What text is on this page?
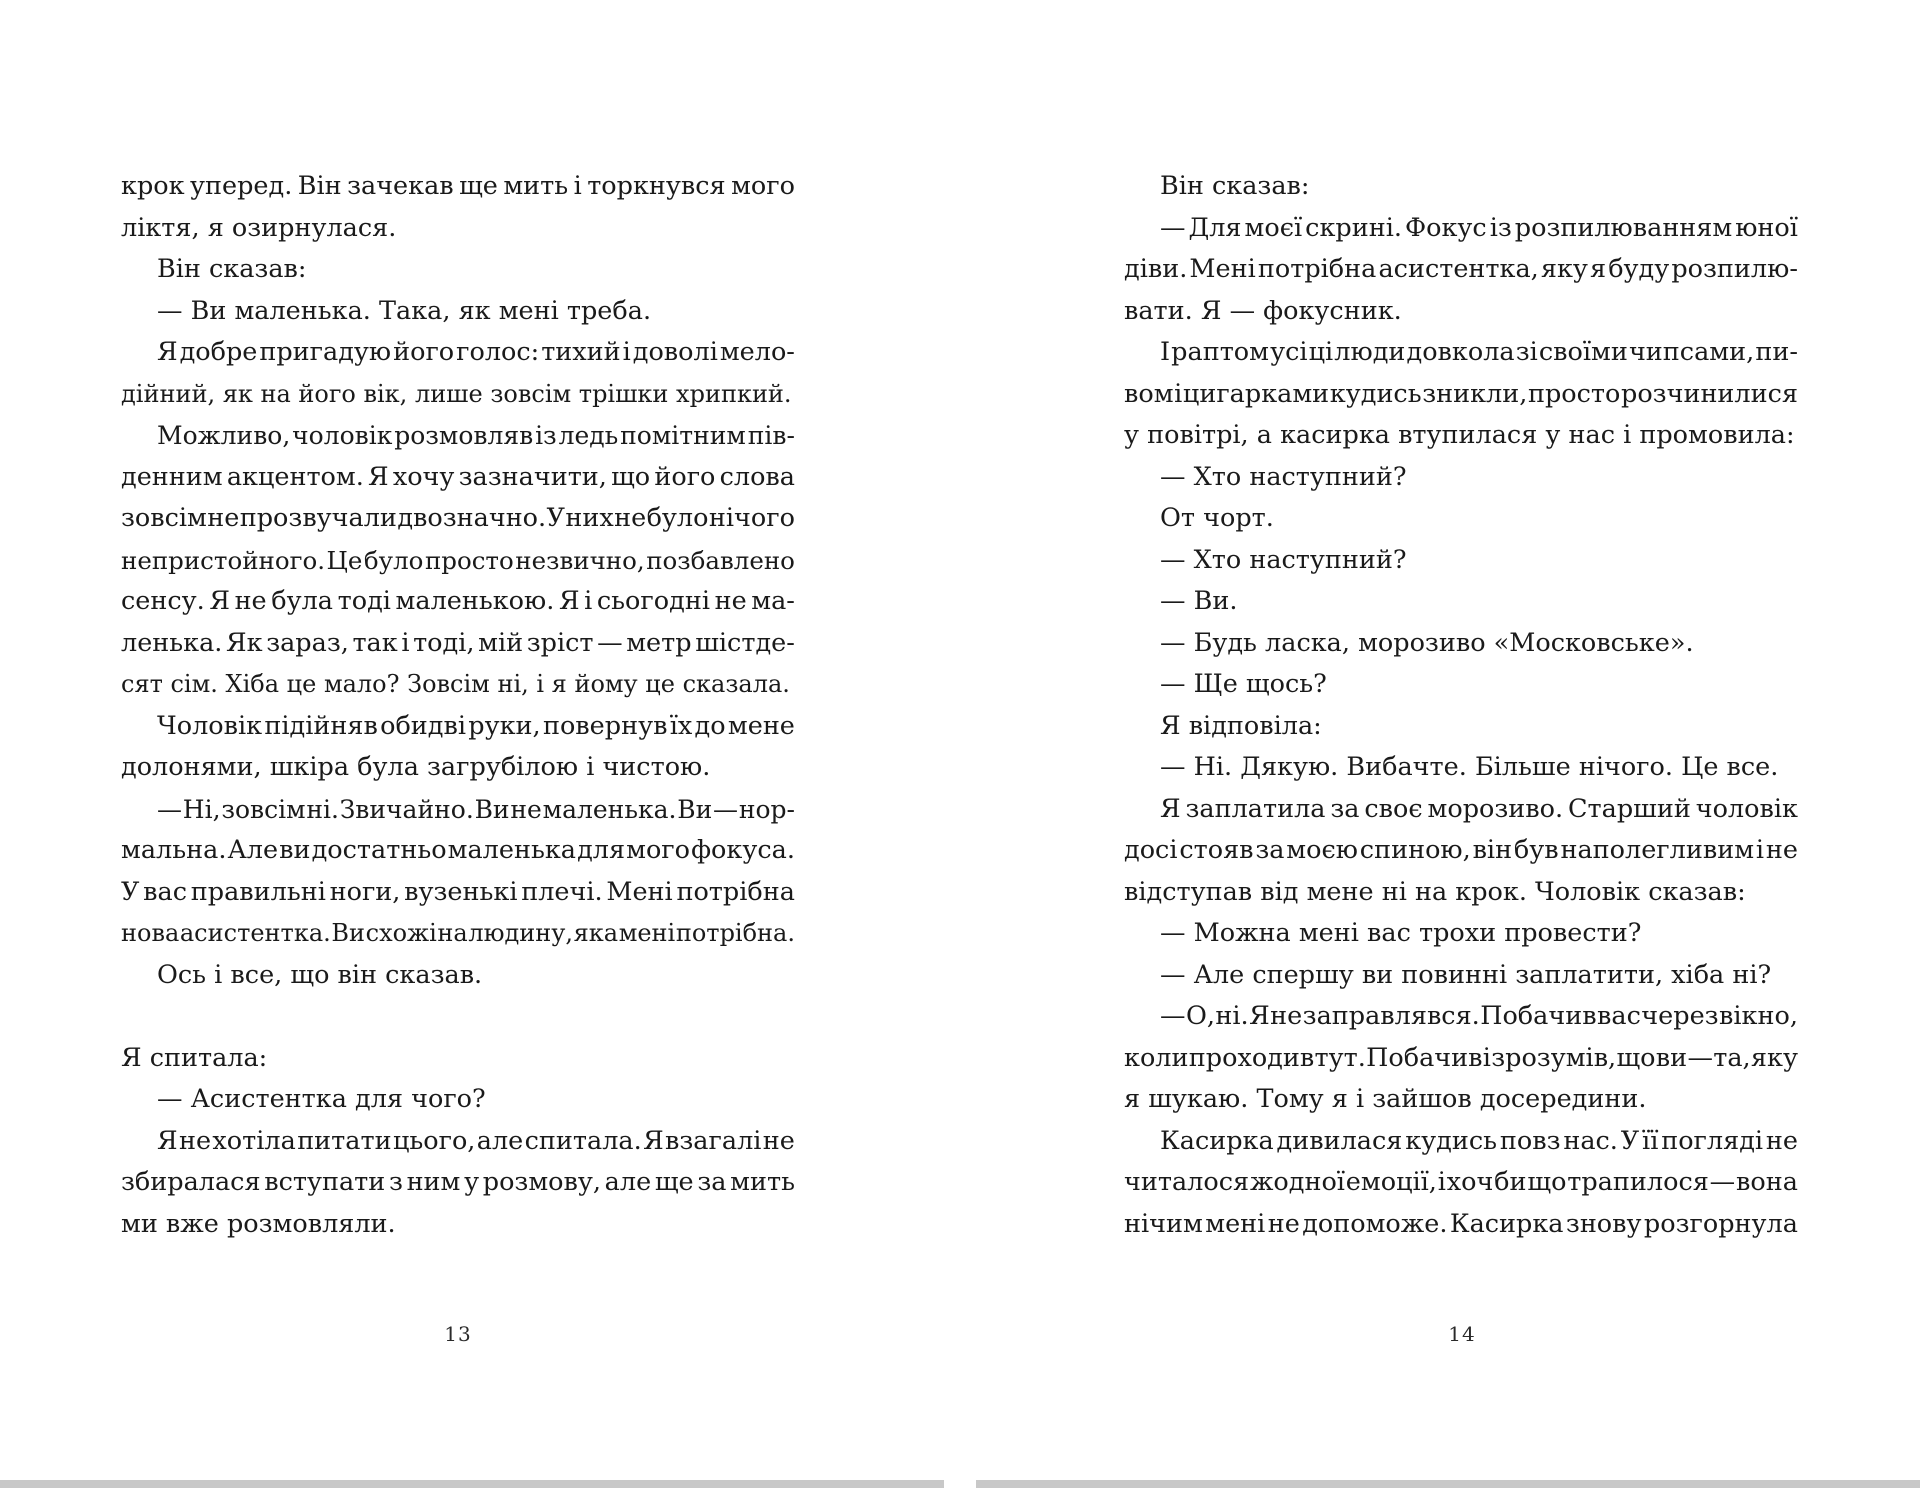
крок уперед. Він зачекав ще мить і торкнувся мого
ліктя, я озирнулася.
Він сказав:
— Ви маленька. Така, як мені треба.
Я добре пригадую його голос: тихий і доволі мело-
дійний, як на його вік, лише зовсім трішки хрипкий.
Можливо, чоловік розмовляв із ледь помітним пів-
денним акцентом. Я хочу зазначити, що його слова
зовсім не прозвучали двозначно. У них не було нічого
непристойного. Це було просто незвично, позбавлено
сенсу. Я не була тоді маленькою. Я і сьогодні не ма-
ленька. Як зараз, так і тоді, мій зріст — метр шістде-
сят сім. Хіба це мало? Зовсім ні, і я йому це сказала.
Чоловік підійняв обидві руки, повернув їх до мене
долонями, шкіра була загрубілою і чистою.
— Ні, зовсім ні. Звичайно. Ви не маленька. Ви — нор-
мальна. Але ви достатньо маленька для мого фокуса.
У вас правильні ноги, вузенькі плечі. Мені потрібна
нова асистентка. Ви схожі на людину, яка мені потрібна.
Ось і все, що він сказав.
Я спитала:
— Асистентка для чого?
Я не хотіла питати цього, але спитала. Я взагалі не
збиралася вступати з ним у розмову, але ще за мить
ми вже розмовляли.
13
Він сказав:
— Для моєї скрині. Фокус із розпилюванням юної
діви. Мені потрібна асистентка, яку я буду розпилю-
вати. Я — фокусник.
І раптом усі ці люди довкола зі своїми чипсами, пи-
вом і цигарками кудись зникли, просто розчинилися
у повітрі, а касирка втупилася у нас і промовила:
— Хто наступний?
От чорт.
— Хто наступний?
— Ви.
— Будь ласка, морозиво «Московське».
— Ще щось?
Я відповіла:
— Ні. Дякую. Вибачте. Більше нічого. Це все.
Я заплатила за своє морозиво. Старший чоловік
досі стояв за моєю спиною, він був наполегливим і не
відступав від мене ні на крок. Чоловік сказав:
— Можна мені вас трохи провести?
— Але спершу ви повинні заплатити, хіба ні?
— О, ні. Я не заправлявся. Побачив вас через вікно,
коли проходив тут. Побачив і зрозумів, що ви — та, яку
я шукаю. Тому я і зайшов досередини.
Касирка дивилася кудись повз нас. У її погляді не
читалося жодної емоції, і хоч би що трапилося — вона
нічим мені не допоможе. Касирка знову розгорнула
14
